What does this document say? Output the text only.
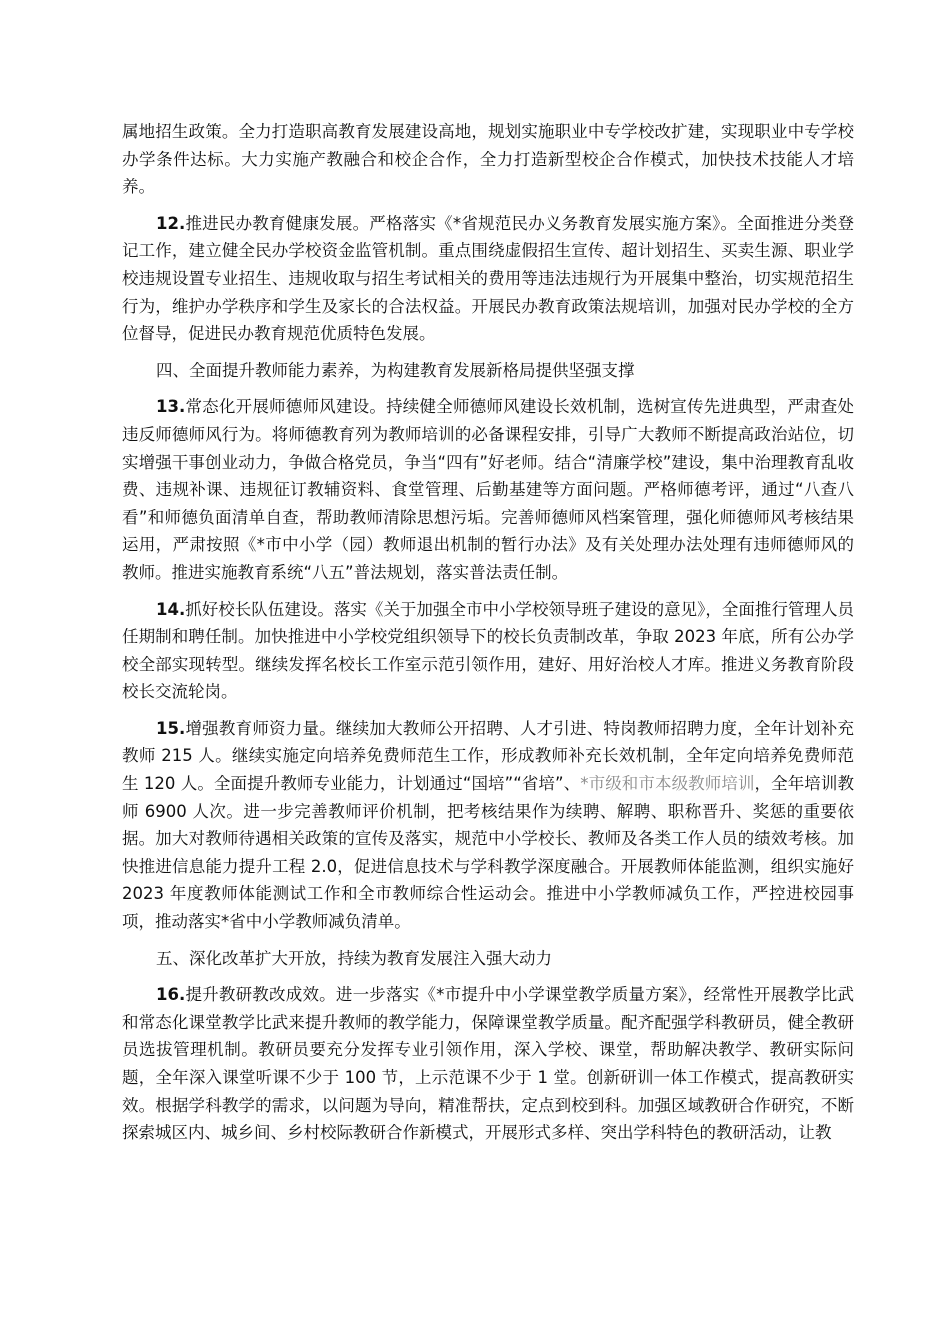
属地招生政策。全力打造职高教育发展建设高地，规划实施职业中专学校改扩建，实现职业中专学校办学条件达标。大力实施产教融合和校企合作，全力打造新型校企合作模式，加快技术技能人才培养。

12.推进民办教育健康发展。严格落实《*省规范民办义务教育发展实施方案》。全面推进分类登记工作，建立健全民办学校资金监管机制。重点围绕虚假招生宣传、超计划招生、买卖生源、职业学校违规设置专业招生、违规收取与招生考试相关的费用等违法违规行为开展集中整治，切实规范招生行为，维护办学秩序和学生及家长的合法权益。开展民办教育政策法规培训，加强对民办学校的全方位督导，促进民办教育规范优质特色发展。

四、全面提升教师能力素养，为构建教育发展新格局提供坚强支撑

13.常态化开展师德师风建设。持续健全师德师风建设长效机制，选树宣传先进典型，严肃查处违反师德师风行为。将师德教育列为教师培训的必备课程安排，引导广大教师不断提高政治站位，切实增强干事创业动力，争做合格党员，争当“四有”好老师。结合“清廉学校”建设，集中治理教育乱收费、违规补课、违规征订教辅资料、食堂管理、后勤基建等方面问题。严格师德考评，通过“八查八看”和师德负面清单自查，帮助教师清除思想污垢。完善师德师风档案管理，强化师德师风考核结果运用，严肃按照《*市中小学（园）教师退出机制的暂行办法》及有关处理办法处理有违师德师风的教师。推进实施教育系统“八五”普法规划，落实普法责任制。

14.抓好校长队伍建设。落实《关于加强全市中小学校领导班子建设的意见》，全面推行管理人员任期制和聘任制。加快推进中小学校党组织领导下的校长负责制改革，争取 2023 年底，所有公办学校全部实现转型。继续发挥名校长工作室示范引领作用，建好、用好治校人才库。推进义务教育阶段校长交流轮岗。

15.增强教育师资力量。继续加大教师公开招聘、人才引进、特岗教师招聘力度，全年计划补充教师 215 人。继续实施定向培养免费师范生工作，形成教师补充长效机制，全年定向培养免费师范生 120 人。全面提升教师专业能力，计划通过“国培”“省培”、*市级和市本级教师培训，全年培训教师 6900 人次。进一步完善教师评价机制，把考核结果作为续聘、解聘、职称晋升、奖惩的重要依据。加大对教师待遇相关政策的宣传及落实，规范中小学校长、教师及各类工作人员的绩效考核。加快推进信息能力提升工程 2.0，促进信息技术与学科教学深度融合。开展教师体能监测，组织实施好 2023 年度教师体能测试工作和全市教师综合性运动会。推进中小学教师减负工作，严控进校园事项，推动落实*省中小学教师减负清单。

五、深化改革扩大开放，持续为教育发展注入强大动力

16.提升教研教改成效。进一步落实《*市提升中小学课堂教学质量方案》，经常性开展教学比武和常态化课堂教学比武来提升教师的教学能力，保障课堂教学质量。配齐配强学科教研员，健全教研员选拔管理机制。教研员要充分发挥专业引领作用，深入学校、课堂，帮助解决教学、教研实际问题，全年深入课堂听课不少于 100 节，上示范课不少于 1 堂。创新研训一体工作模式，提高教研实效。根据学科教学的需求，以问题为导向，精准帮扶，定点到校到科。加强区域教研合作研究，不断探索城区内、城乡间、乡村校际教研合作新模式，开展形式多样、突出学科特色的教研活动，让教
